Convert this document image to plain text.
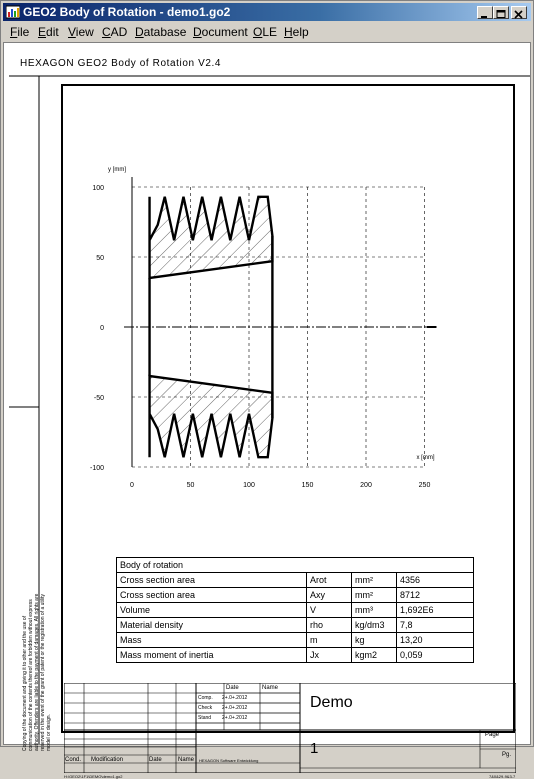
GEO2 Body of Rotation - demo1.go2
File Edit View CAD Database Document OLE Help
HEXAGON GEO2 Body of Rotation V2.4
0	50	100	150	200	250
100
50
0
-50
-100
y [mm]
x [mm]
Body of rotation			
Cross section area	Arot	mm²	4356
Cross section area	Axy	mm²	8712
Volume	V	mm³	1,692E6
Material density	rho	kg/dm3	7,8
Mass	m	kg	13,20
Mass moment of inertia	Jx	kgm2	0,059
Date	Name
Comp. 2+.0+.2012
Check 2+.0+.2012
Stand 2+.0+.2012
Demo
1
Page
Pg.
Cond. Modification	Date	Name HEXAGON Software Entwicklung
H:\GEO2\1F1\DEMO\demo1.go2	7&0&29-9&3-7
Copying of the document and giving it to other and the use of communication of the contents thereof are forbidden without express authority. Offenders are liable to the payment of damages. All rights are reserved in the event of the grant of patent or the registration of a utility model or design.
